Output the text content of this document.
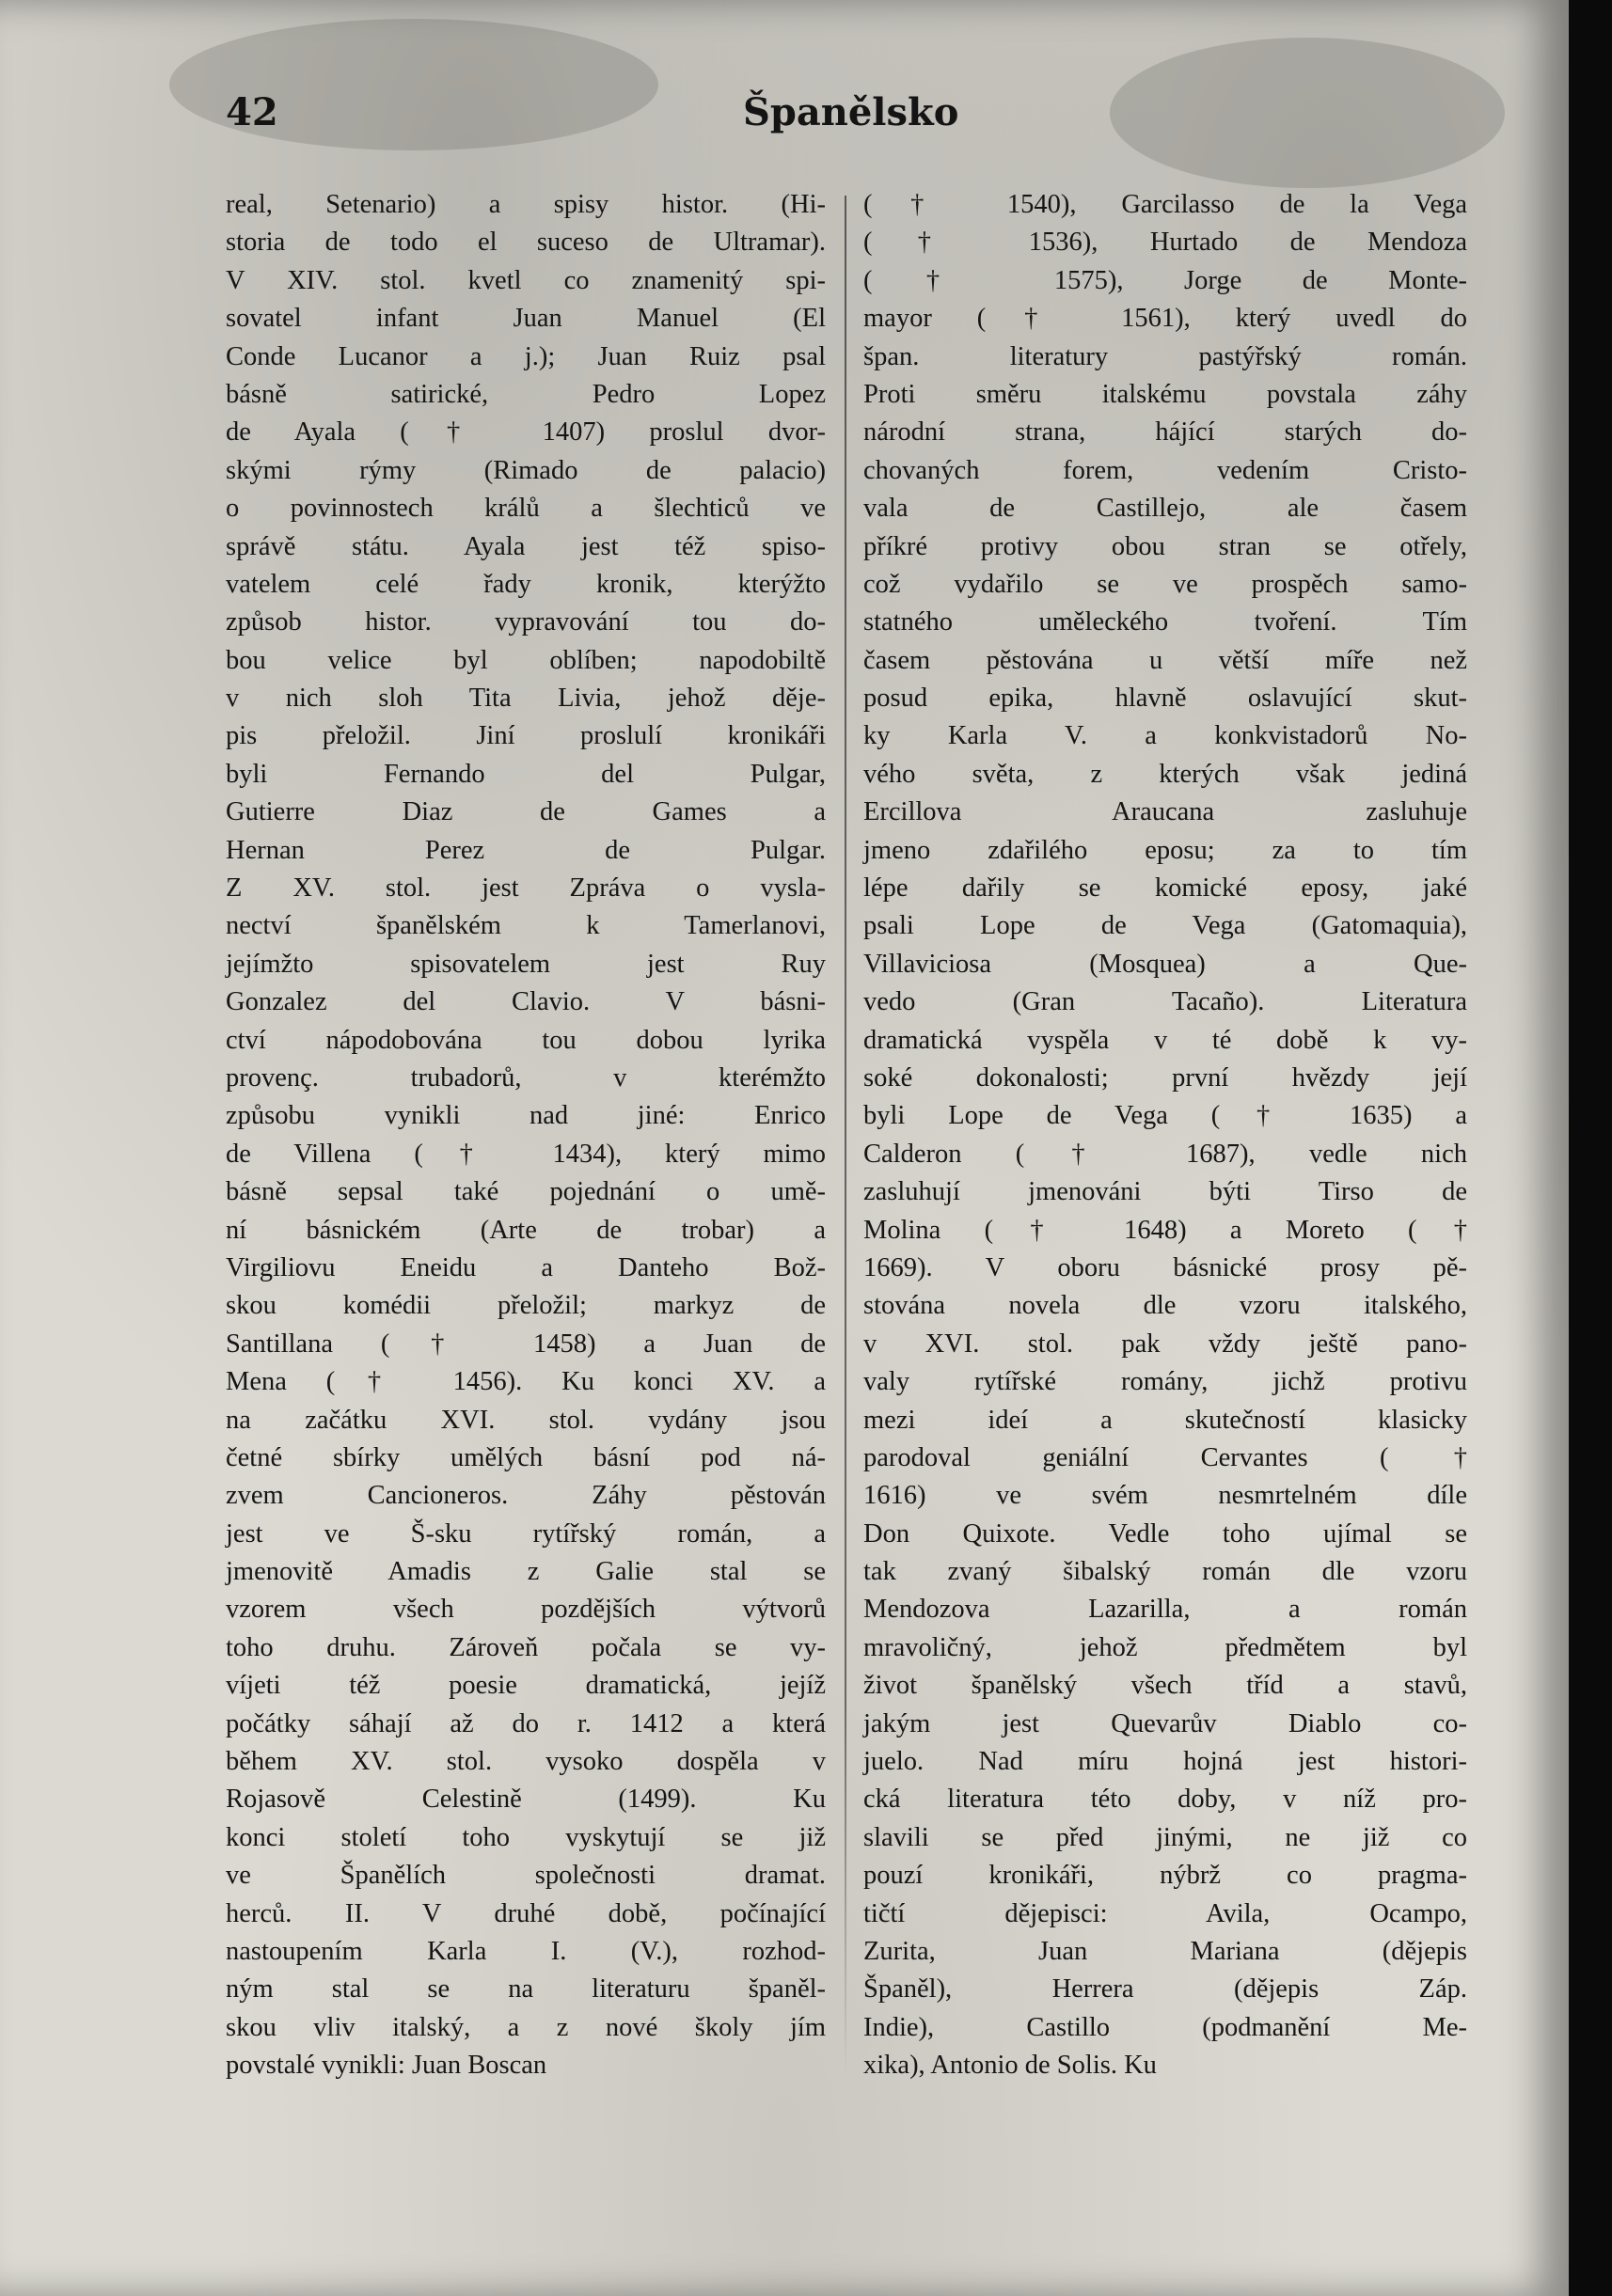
42	Španělsko
real, Setenario) a spisy histor. (Hi-
storia de todo el suceso de Ultramar).
V XIV. stol. kvetl co znamenitý spi-
sovatel infant Juan Manuel (El
Conde Lucanor a j.); Juan Ruiz psal
básně satirické, Pedro Lopez
de Ayala († 1407) proslul dvor-
skými rýmy (Rimado de palacio)
o povinnostech králů a šlechticů ve
správě státu. Ayala jest též spiso-
vatelem celé řady kronik, kterýžto
způsob histor. vypravování tou do-
bou velice byl oblíben; napodobiltě
v nich sloh Tita Livia, jehož děje-
pis přeložil. Jiní proslulí kronikáři
byli Fernando del Pulgar,
Gutierre Diaz de Games a
Hernan Perez de Pulgar.
Z XV. stol. jest Zpráva o vysla-
nectví španělském k Tamerlanovi,
jejímžto spisovatelem jest Ruy
Gonzalez del Clavio. V básni-
ctví nápodobována tou dobou lyrika
provenç. trubadorů, v kterémžto
způsobu vynikli nad jiné: Enrico
de Villena († 1434), který mimo
básně sepsal také pojednání o umě-
ní básnickém (Arte de trobar) a
Virgiliovu Eneidu a Danteho Bož-
skou komédii přeložil; markyz de
Santillana († 1458) a Juan de
Mena († 1456). Ku konci XV. a
na začátku XVI. stol. vydány jsou
četné sbírky umělých básní pod ná-
zvem Cancioneros. Záhy pěstován
jest ve Š-sku rytířský román, a
jmenovitě Amadis z Galie stal se
vzorem všech pozdějších výtvorů
toho druhu. Zároveň počala se vy-
víjeti též poesie dramatická, jejíž
počátky sáhají až do r. 1412 a která
během XV. stol. vysoko dospěla v
Rojasově Celestině (1499). Ku
konci století toho vyskytují se již
ve Španělích společnosti dramat.
herců. II. V druhé době, počínající
nastoupením Karla I. (V.), rozhod-
ným stal se na literaturu španěl-
skou vliv italský, a z nové školy jím
povstalé vynikli: Juan Boscan
(† 1540), Garcilasso de la Vega
(† 1536), Hurtado de Mendoza
(† 1575), Jorge de Monte-
mayor († 1561), který uvedl do
špan. literatury pastýřský román.
Proti směru italskému povstala záhy
národní strana, hájící starých do-
chovaných forem, vedením Cristo-
vala de Castillejo, ale časem
příkré protivy obou stran se otřely,
což vydařilo se ve prospěch samo-
statného uměleckého tvoření. Tím
časem pěstována u větší míře než
posud epika, hlavně oslavující skut-
ky Karla V. a konkvistadorů No-
vého světa, z kterých však jediná
Ercillova Araucana zasluhuje
jmeno zdařilého eposu; za to tím
lépe dařily se komické eposy, jaké
psali Lope de Vega (Gatomaquia),
Villaviciosa (Mosquea) a Que-
vedo (Gran Tacaño). Literatura
dramatická vyspěla v té době k vy-
soké dokonalosti; první hvězdy její
byli Lope de Vega († 1635) a
Calderon († 1687), vedle nich
zasluhují jmenováni býti Tirso de
Molina († 1648) a Moreto (†
1669). V oboru básnické prosy pě-
stována novela dle vzoru italského,
v XVI. stol. pak vždy ještě pano-
valy rytířské romány, jichž protivu
mezi ideí a skutečností klasicky
parodoval geniální Cervantes (†
1616) ve svém nesmrtelném díle
Don Quixote. Vedle toho ujímal se
tak zvaný šibalský román dle vzoru
Mendozova Lazarilla, a román
mravoličný, jehož předmětem byl
život španělský všech tříd a stavů,
jakým jest Quevarův Diablo co-
juelo. Nad míru hojná jest histori-
cká literatura této doby, v níž pro-
slavili se před jinými, ne již co
pouzí kronikáři, nýbrž co pragma-
tičtí dějepisci: Avila, Ocampo,
Zurita, Juan Mariana (dějepis
Španěl), Herrera (dějepis Záp.
Indie), Castillo (podmanění Me-
xika), Antonio de Solis. Ku
